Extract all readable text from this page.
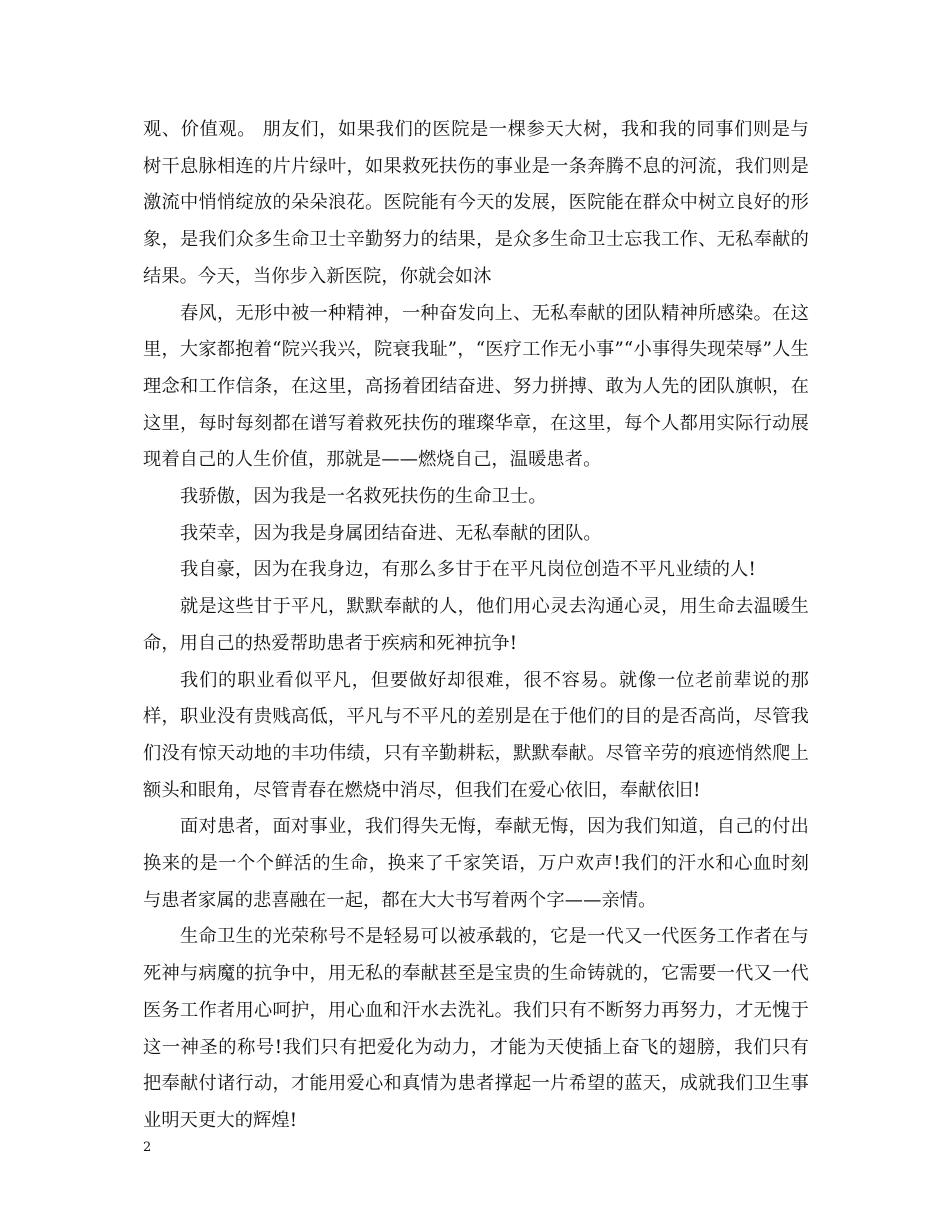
观、价值观。 朋友们，如果我们的医院是一棵参天大树，我和我的同事们则是与树干息脉相连的片片绿叶，如果救死扶伤的事业是一条奔腾不息的河流，我们则是激流中悄悄绽放的朵朵浪花。医院能有今天的发展，医院能在群众中树立良好的形象，是我们众多生命卫士辛勤努力的结果，是众多生命卫士忘我工作、无私奉献的结果。今天，当你步入新医院，你就会如沐

春风，无形中被一种精神，一种奋发向上、无私奉献的团队精神所感染。在这里，大家都抱着“院兴我兴，院衰我耻”，“医疗工作无小事”“小事得失现荣辱”人生理念和工作信条，在这里，高扬着团结奋进、努力拼搏、敢为人先的团队旗帜，在这里，每时每刻都在谱写着救死扶伤的璀璨华章，在这里，每个人都用实际行动展现着自己的人生价值，那就是——燃烧自己，温暖患者。

我骄傲，因为我是一名救死扶伤的生命卫士。

我荣幸，因为我是身属团结奋进、无私奉献的团队。

我自豪，因为在我身边，有那么多甘于在平凡岗位创造不平凡业绩的人!

就是这些甘于平凡，默默奉献的人，他们用心灵去沟通心灵，用生命去温暖生命，用自己的热爱帮助患者于疾病和死神抗争!

我们的职业看似平凡，但要做好却很难，很不容易。就像一位老前辈说的那样，职业没有贵贱高低，平凡与不平凡的差别是在于他们的目的是否高尚，尽管我们没有惊天动地的丰功伟绩，只有辛勤耕耘，默默奉献。尽管辛劳的痕迹悄然爬上额头和眼角，尽管青春在燃烧中消尽，但我们在爱心依旧，奉献依旧!

面对患者，面对事业，我们得失无悔，奉献无悔，因为我们知道，自己的付出换来的是一个个鲜活的生命，换来了千家笑语，万户欢声!我们的汗水和心血时刻与患者家属的悲喜融在一起，都在大大书写着两个字——亲情。

生命卫生的光荣称号不是轻易可以被承载的，它是一代又一代医务工作者在与死神与病魔的抗争中，用无私的奉献甚至是宝贵的生命铸就的，它需要一代又一代医务工作者用心呵护，用心血和汗水去洗礼。我们只有不断努力再努力，才无愧于这一神圣的称号!我们只有把爱化为动力，才能为天使插上奋飞的翅膀，我们只有把奉献付诸行动，才能用爱心和真情为患者撑起一片希望的蓝天，成就我们卫生事业明天更大的辉煌!

2
